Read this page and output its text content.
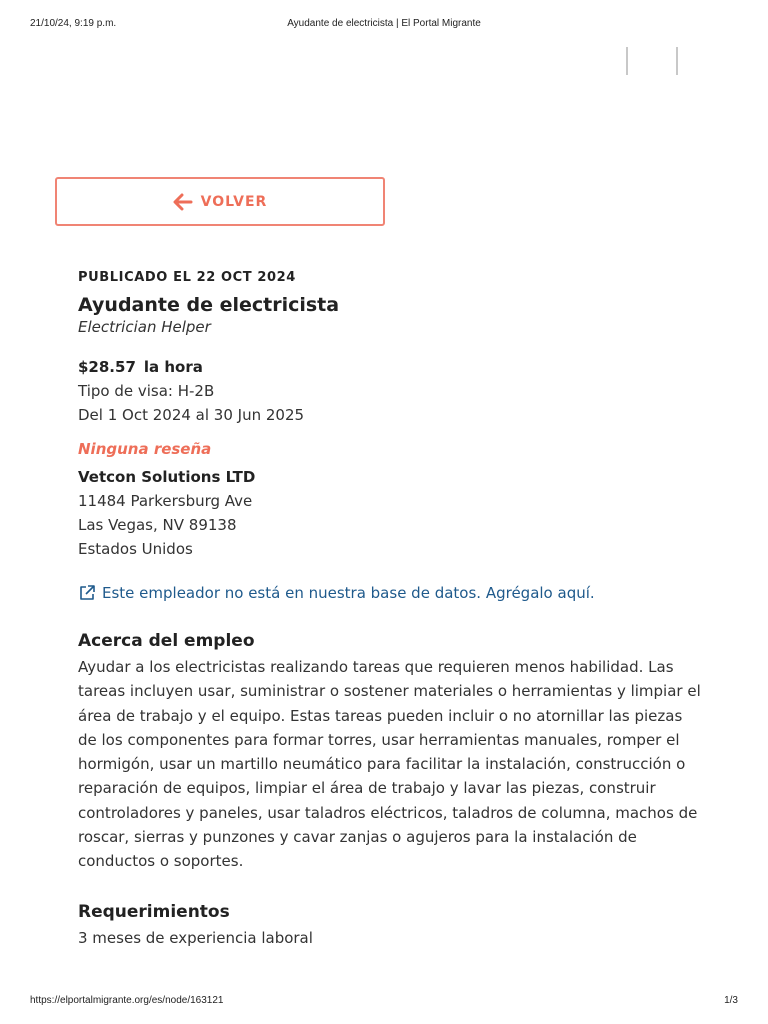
21/10/24, 9:19 p.m.	Ayudante de electricista | El Portal Migrante
VOLVER

PUBLICADO EL 22 OCT 2024

Ayudante de electricista

Electrician Helper

$28.57 la hora

Tipo de visa: H-2B

Del 1 Oct 2024 al 30 Jun 2025

Ninguna reseña

Vetcon Solutions LTD

11484 Parkersburg Ave

Las Vegas, NV 89138

Estados Unidos

Este empleador no está en nuestra base de datos. Agrégalo aquí.
Acerca del empleo

Ayudar a los electricistas realizando tareas que requieren menos habilidad. Las tareas incluyen usar, suministrar o sostener materiales o herramientas y limpiar el área de trabajo y el equipo. Estas tareas pueden incluir o no atornillar las piezas de los componentes para formar torres, usar herramientas manuales, romper el hormigón, usar un martillo neumático para facilitar la instalación, construcción o reparación de equipos, limpiar el área de trabajo y lavar las piezas, construir controladores y paneles, usar taladros eléctricos, taladros de columna, machos de roscar, sierras y punzones y cavar zanjas o agujeros para la instalación de conductos o soportes.

Requerimientos

3 meses de experiencia laboral

https://elportalmigrante.org/es/node/163121	1/3
